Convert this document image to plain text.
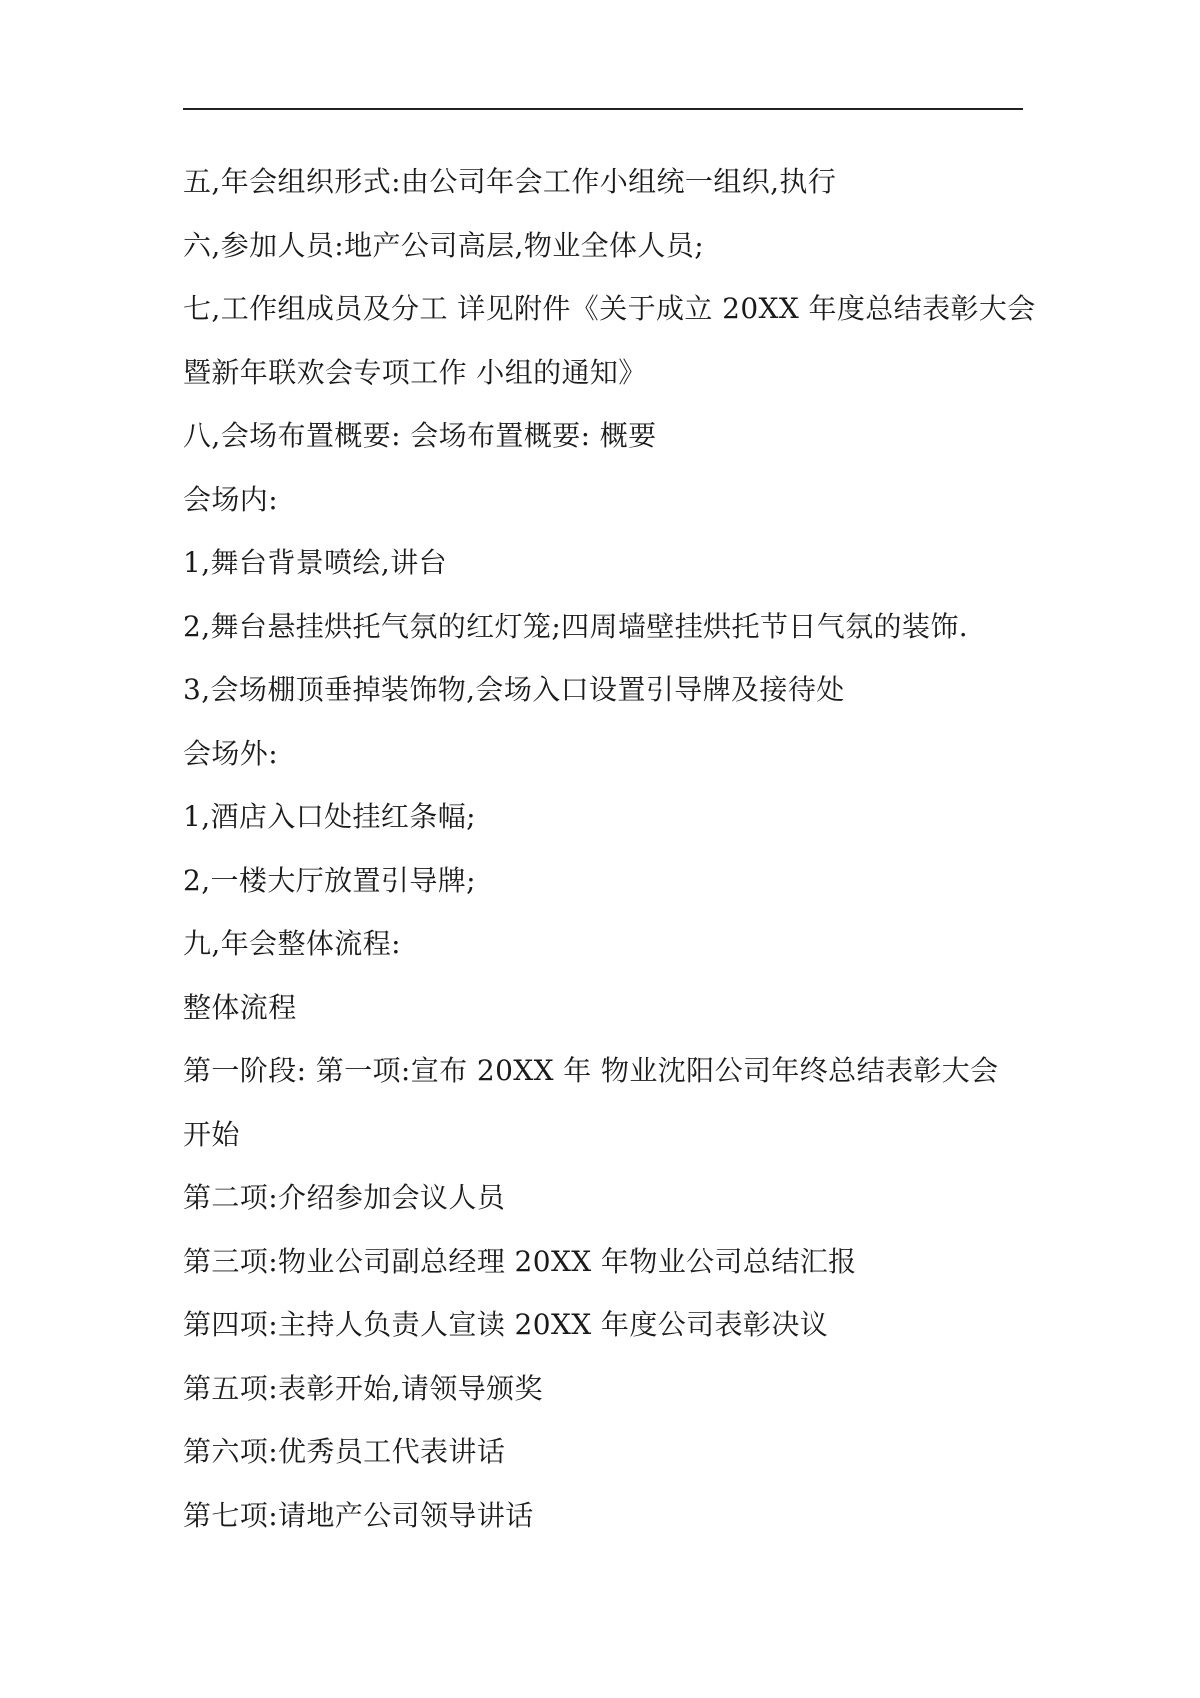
五,年会组织形式:由公司年会工作小组统一组织,执行
六,参加人员:地产公司高层,物业全体人员;
七,工作组成员及分工 详见附件《关于成立 20XX 年度总结表彰大会
暨新年联欢会专项工作 小组的通知》
八,会场布置概要: 会场布置概要: 概要
会场内:
1,舞台背景喷绘,讲台
2,舞台悬挂烘托气氛的红灯笼;四周墙壁挂烘托节日气氛的装饰.
3,会场棚顶垂掉装饰物,会场入口设置引导牌及接待处
会场外:
1,酒店入口处挂红条幅;
2,一楼大厅放置引导牌;
九,年会整体流程:
整体流程
第一阶段: 第一项:宣布 20XX 年 物业沈阳公司年终总结表彰大会
开始
第二项:介绍参加会议人员
第三项:物业公司副总经理 20XX 年物业公司总结汇报
第四项:主持人负责人宣读 20XX 年度公司表彰决议
第五项:表彰开始,请领导颁奖
第六项:优秀员工代表讲话
第七项:请地产公司领导讲话
